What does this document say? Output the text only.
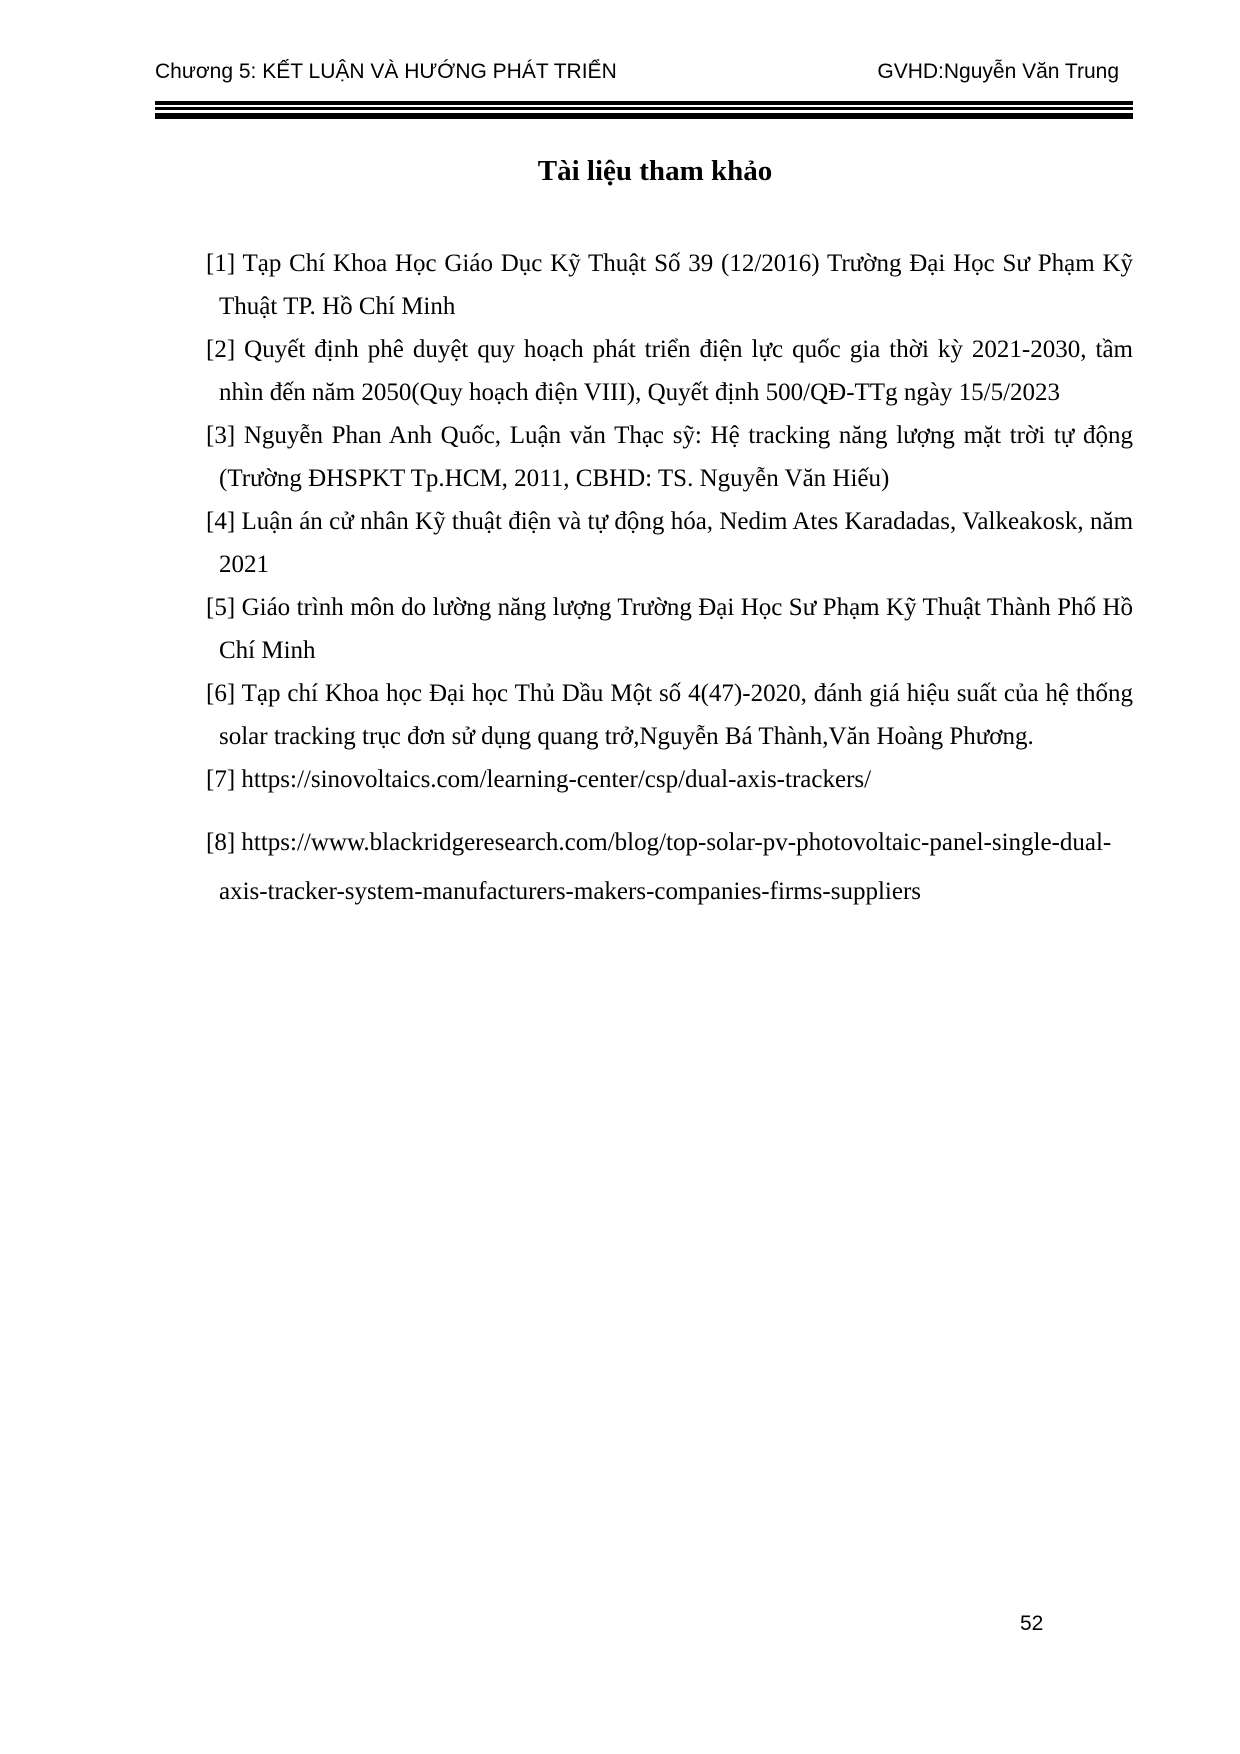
Chương 5: KẾT LUẬN VÀ HƯỚNG PHÁT TRIỂN	GVHD:Nguyễn Văn Trung
Tài liệu tham khảo

[1] Tạp Chí Khoa Học Giáo Dục Kỹ Thuật Số 39 (12/2016) Trường Đại Học Sư Phạm Kỹ Thuật TP. Hồ Chí Minh

[2] Quyết định phê duyệt quy hoạch phát triển điện lực quốc gia thời kỳ 2021-2030, tầm nhìn đến năm 2050(Quy hoạch điện VIII), Quyết định 500/QĐ-TTg ngày 15/5/2023

[3] Nguyễn Phan Anh Quốc, Luận văn Thạc sỹ: Hệ tracking năng lượng mặt trời tự động (Trường ĐHSPKT Tp.HCM, 2011, CBHD: TS. Nguyễn Văn Hiếu)

[4] Luận án cử nhân Kỹ thuật điện và tự động hóa, Nedim Ates Karadadas, Valkeakosk, năm 2021

[5] Giáo trình môn do lường năng lượng Trường Đại Học Sư Phạm Kỹ Thuật Thành Phố Hồ Chí Minh

[6] Tạp chí Khoa học Đại học Thủ Dầu Một số 4(47)-2020, đánh giá hiệu suất của hệ thống solar tracking trục đơn sử dụng quang trở,Nguyễn Bá Thành,Văn Hoàng Phương.

[7] https://sinovoltaics.com/learning-center/csp/dual-axis-trackers/

[8] https://www.blackridgeresearch.com/blog/top-solar-pv-photovoltaic-panel-single-dual-axis-tracker-system-manufacturers-makers-companies-firms-suppliers

52
